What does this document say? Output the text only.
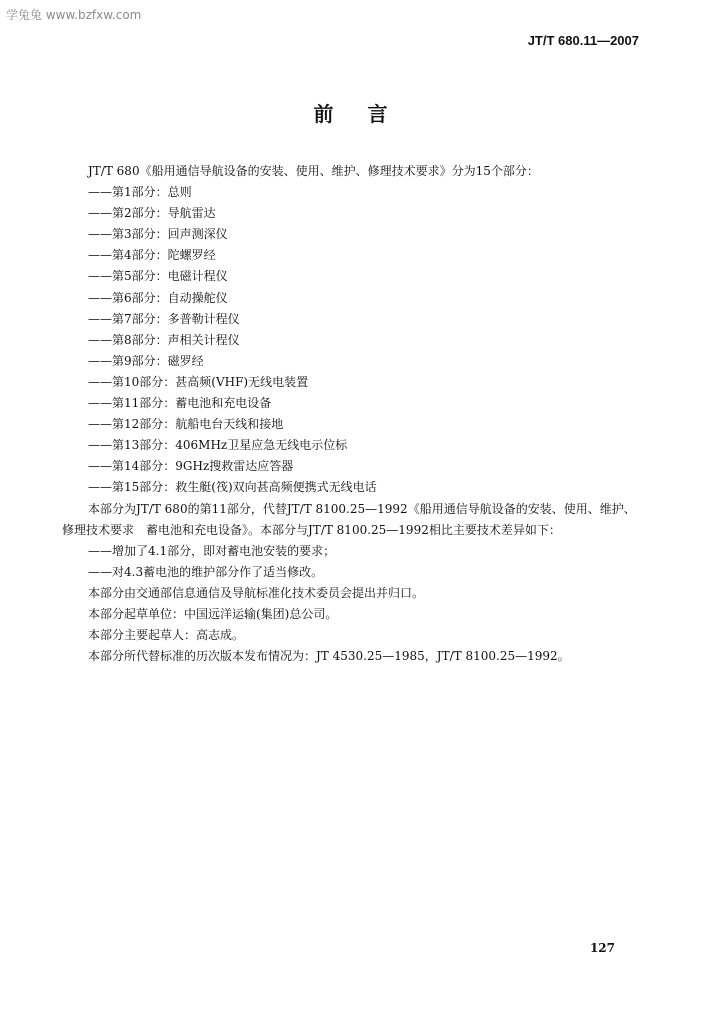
学兔兔 www.bzfxw.com
JT/T 680.11—2007
前 言
JT/T 680《船用通信导航设备的安装、使用、维护、修理技术要求》分为15个部分：
——第1部分：总则
——第2部分：导航雷达
——第3部分：回声测深仪
——第4部分：陀螺罗经
——第5部分：电磁计程仪
——第6部分：自动操舵仪
——第7部分：多普勒计程仪
——第8部分：声相关计程仪
——第9部分：磁罗经
——第10部分：甚高频(VHF)无线电装置
——第11部分：蓄电池和充电设备
——第12部分：航船电台天线和接地
——第13部分：406MHz卫星应急无线电示位标
——第14部分：9GHz搜救雷达应答器
——第15部分：救生艇(筏)双向甚高频便携式无线电话
本部分为JT/T 680的第11部分，代替JT/T 8100.25—1992《船用通信导航设备的安装、使用、维护、
修理技术要求　蓄电池和充电设备》。本部分与JT/T 8100.25—1992相比主要技术差异如下：
——增加了4.1部分，即对蓄电池安装的要求；
——对4.3蓄电池的维护部分作了适当修改。
本部分由交通部信息通信及导航标准化技术委员会提出并归口。
本部分起草单位：中国远洋运输(集团)总公司。
本部分主要起草人：高志成。
本部分所代替标准的历次版本发布情况为：JT 4530.25—1985，JT/T 8100.25—1992。
127
